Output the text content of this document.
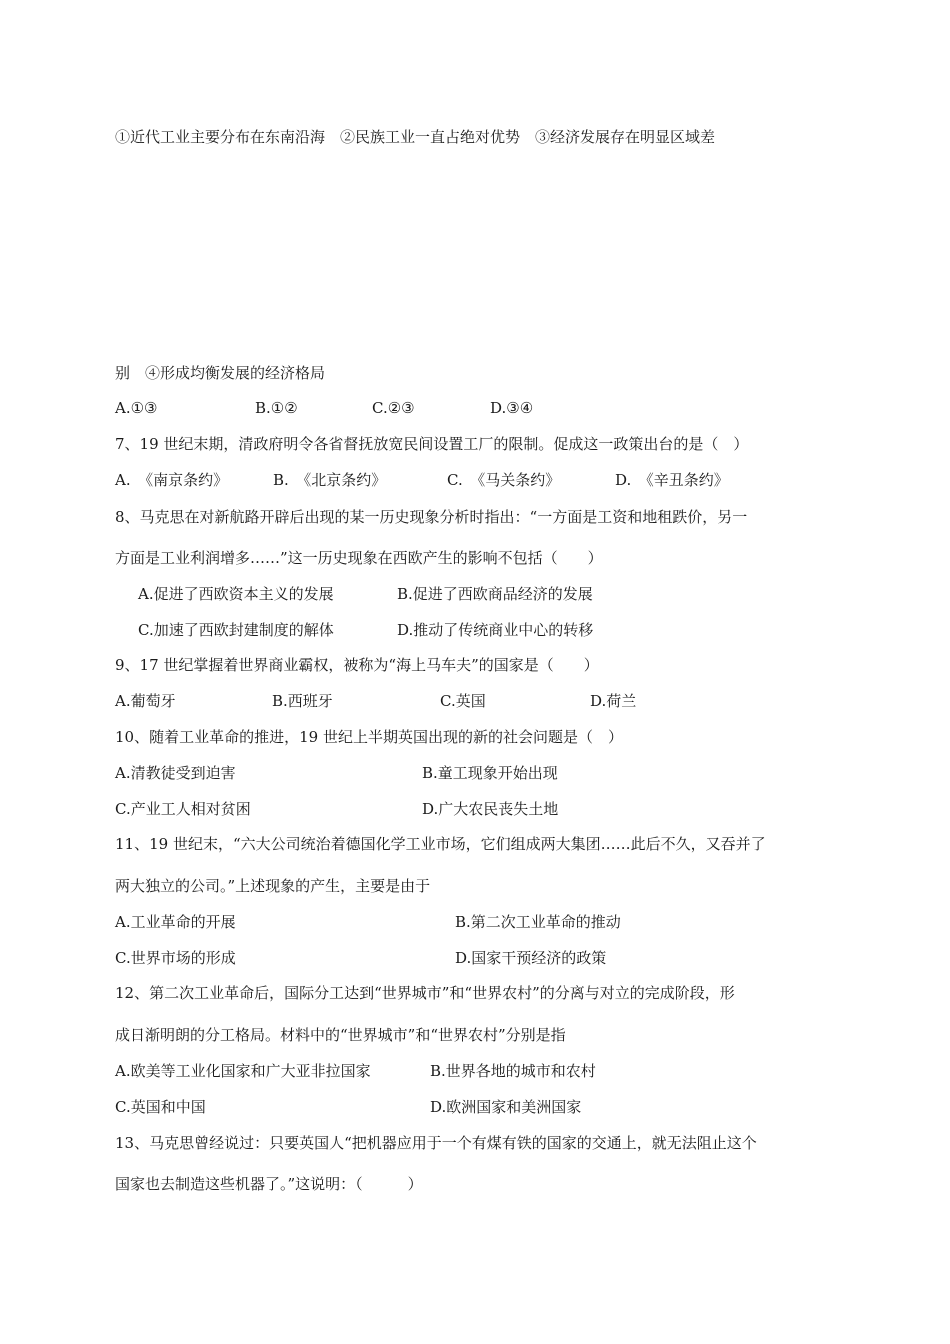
①近代工业主要分布在东南沿海　②民族工业一直占绝对优势　③经济发展存在明显区域差
别　④形成均衡发展的经济格局
A.①③	B.①②	C.②③	D.③④
7、19 世纪末期，清政府明令各省督抚放宽民间设置工厂的限制。促成这一政策出台的是（　）
A.　《南京条约》	B.　《北京条约》	C.　《马关条约》	D.　《辛丑条约》
8、马克思在对新航路开辟后出现的某一历史现象分析时指出：“一方面是工资和地租跌价，另一
方面是工业利润增多……”这一历史现象在西欧产生的影响不包括（　　）
A.促进了西欧资本主义的发展	B.促进了西欧商品经济的发展
C.加速了西欧封建制度的解体	D.推动了传统商业中心的转移
9、17 世纪掌握着世界商业霸权，被称为“海上马车夫”的国家是（　　）
A.葡萄牙	B.西班牙	C.英国	D.荷兰
10、随着工业革命的推进，19 世纪上半期英国出现的新的社会问题是（　）
A.清教徒受到迫害	B.童工现象开始出现
C.产业工人相对贫困	D.广大农民丧失土地
11、19 世纪末，“六大公司统治着德国化学工业市场，它们组成两大集团……此后不久，又吞并了
两大独立的公司。”上述现象的产生，主要是由于
A.工业革命的开展	B.第二次工业革命的推动
C.世界市场的形成	D.国家干预经济的政策
12、第二次工业革命后，国际分工达到“世界城市”和“世界农村”的分离与对立的完成阶段，形
成日渐明朗的分工格局。材料中的“世界城市”和“世界农村”分别是指
A.欧美等工业化国家和广大亚非拉国家	B.世界各地的城市和农村
C.英国和中国	D.欧洲国家和美洲国家
13、马克思曾经说过：只要英国人“把机器应用于一个有煤有铁的国家的交通上，就无法阻止这个
国家也去制造这些机器了。”这说明：（　　　）
